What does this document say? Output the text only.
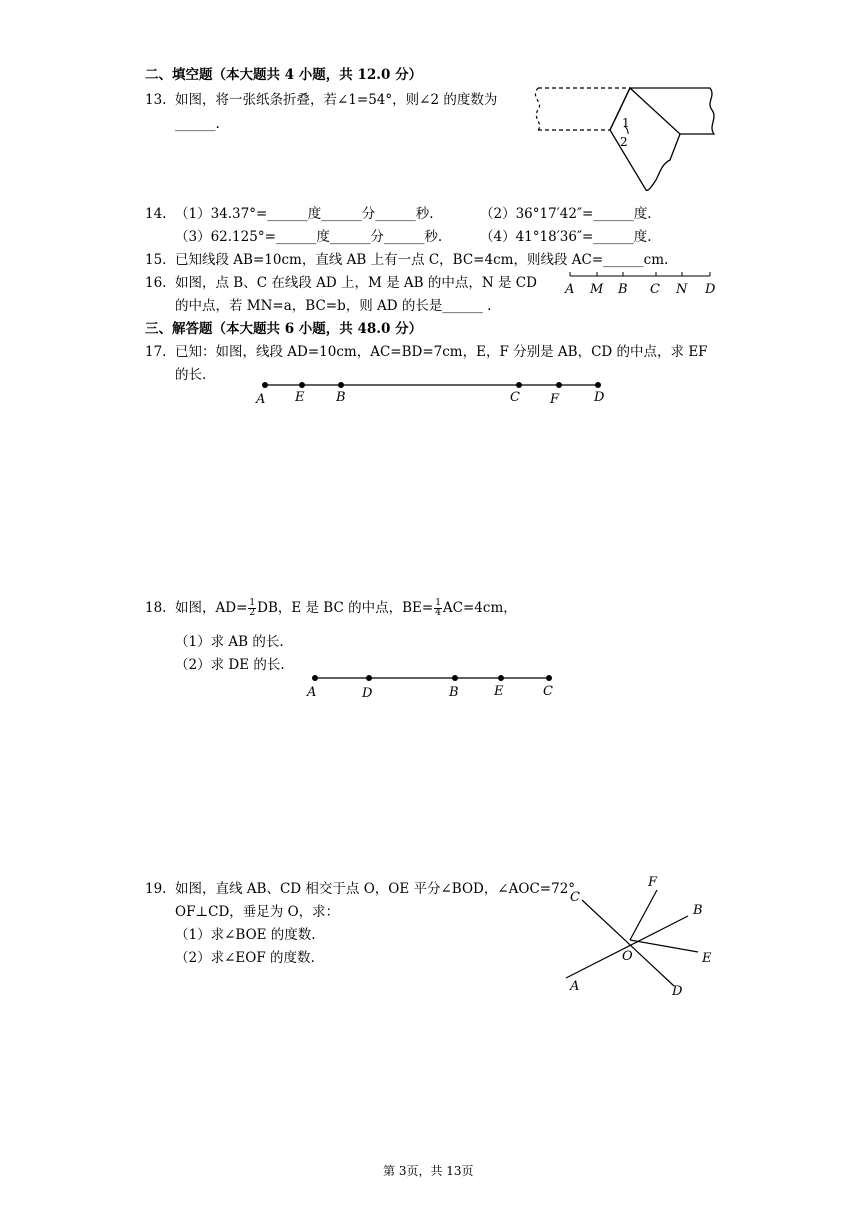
二、填空题（本大题共 4 小题，共 12.0 分）
13. 如图，将一张纸条折叠，若∠1=54°，则∠2 的度数为
______.	1
2
14. （1）34.37°=______度______分______秒.	（2）36°17′42″=______度.
（3）62.125°=______度______分______秒.	（4）41°18′36″=______度.
15. 已知线段 AB=10cm，直线 AB 上有一点 C，BC=4cm，则线段 AC=______cm.
16. 如图，点 B、C 在线段 AD 上，M 是 AB 的中点，N 是 CD
的中点，若 MN=a，BC=b，则 AD 的长是______ .
A M B C N D
三、解答题（本大题共 6 小题，共 48.0 分）
17. 已知：如图，线段 AD=10cm，AC=BD=7cm，E，F 分别是 AB，CD 的中点，求 EF
的长.
A E B	C F	D
18. 如图，$AD= \frac{1}{2}$ DB，E 是 BC 的中点，$BE= \frac{1}{4} AC=4cm$，
（1）求 AB 的长.
（2）求 DE 的长.
A	D	B	E	C
19. 如图，直线 AB、CD 相交于点 O，OE 平分∠BOD，∠AOC=72°
OF⊥CD，垂足为 O，求：
（1）求∠BOE 的度数.
（2）求∠EOF 的度数.
F
C
B
O	E
A	D
第 3页，共 13页
